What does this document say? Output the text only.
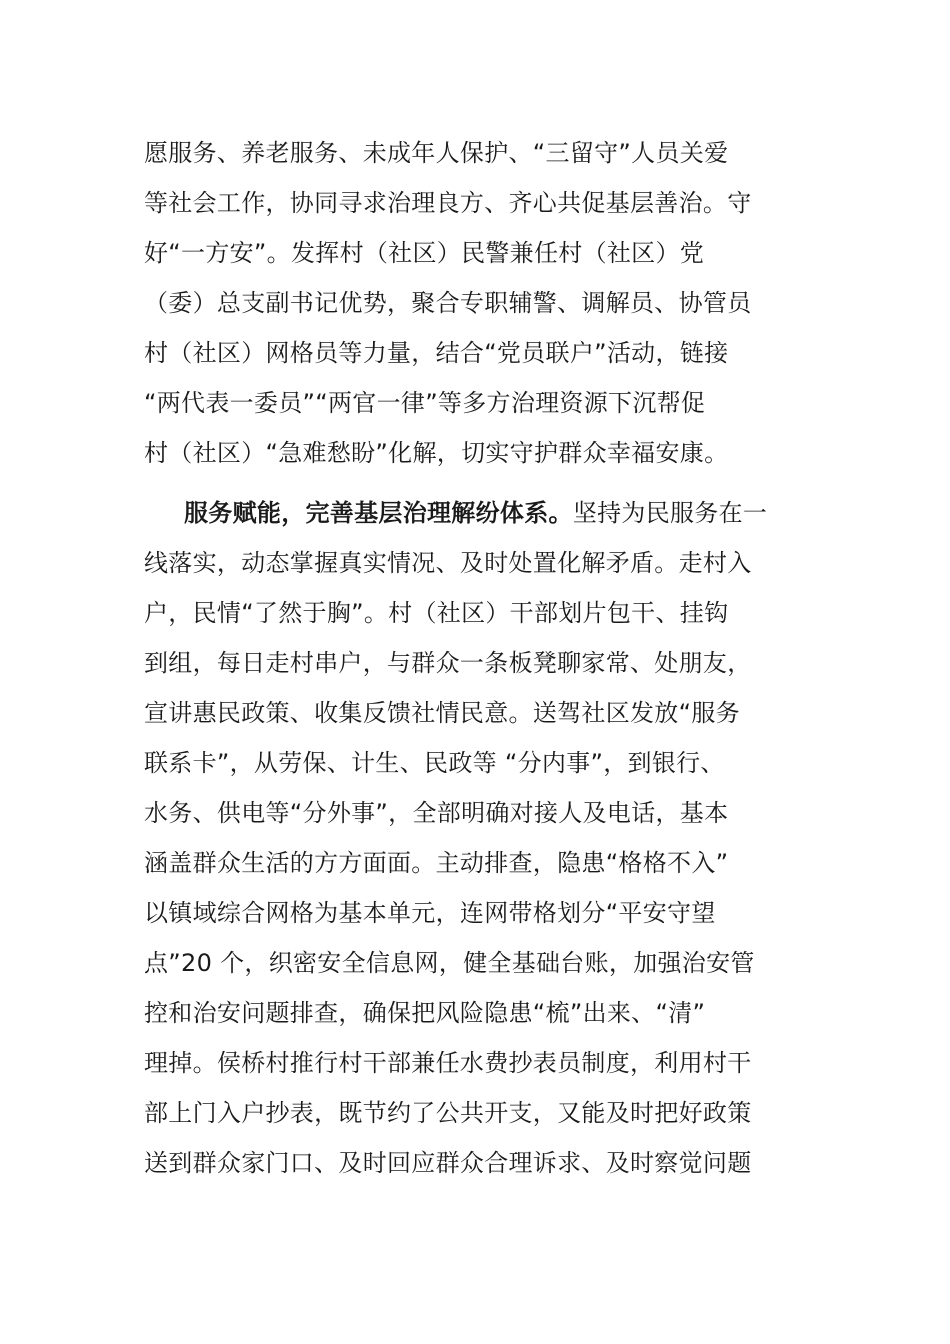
愿服务、养老服务、未成年人保护、“三留守”人员关爱
等社会工作，协同寻求治理良方、齐心共促基层善治。守
好“一方安”。发挥村（社区）民警兼任村（社区）党
（委）总支副书记优势，聚合专职辅警、调解员、协管员
村（社区）网格员等力量，结合“党员联户”活动，链接
“两代表一委员”“两官一律”等多方治理资源下沉帮促
村（社区）“急难愁盼”化解，切实守护群众幸福安康。
服务赋能，完善基层治理解纷体系。坚持为民服务在一
线落实，动态掌握真实情况、及时处置化解矛盾。走村入
户，民情“了然于胸”。村（社区）干部划片包干、挂钩
到组，每日走村串户，与群众一条板凳聊家常、处朋友，
宣讲惠民政策、收集反馈社情民意。送驾社区发放“服务
联系卡”，从劳保、计生、民政等 “分内事”，到银行、
水务、供电等“分外事”，全部明确对接人及电话，基本
涵盖群众生活的方方面面。主动排查，隐患“格格不入”
以镇域综合网格为基本单元，连网带格划分“平安守望
点”20 个，织密安全信息网，健全基础台账，加强治安管
控和治安问题排查，确保把风险隐患“梳”出来、“清”
理掉。侯桥村推行村干部兼任水费抄表员制度，利用村干
部上门入户抄表，既节约了公共开支，又能及时把好政策
送到群众家门口、及时回应群众合理诉求、及时察觉问题
